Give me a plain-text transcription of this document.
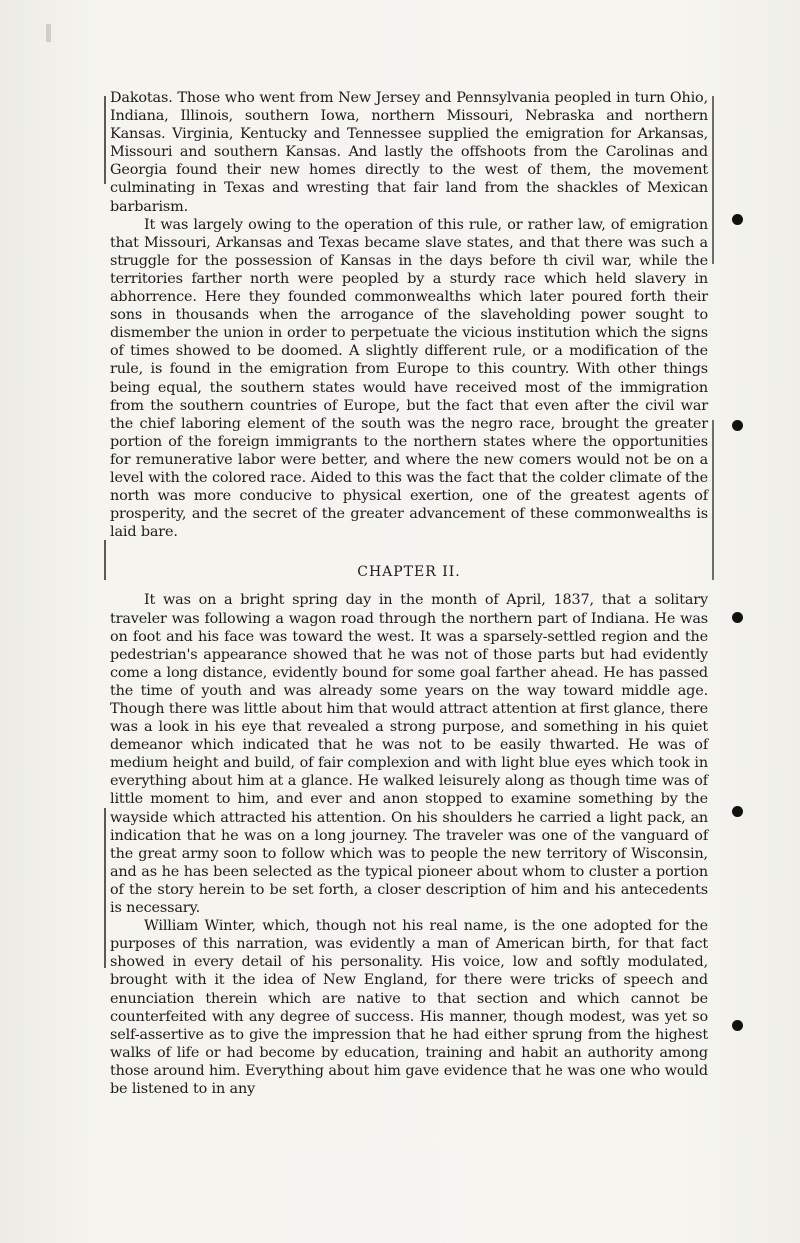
Dakotas. Those who went from New Jersey and Pennsylvania peopled in turn Ohio, Indiana, Illinois, southern Iowa, northern Missouri, Nebraska and northern Kansas. Virginia, Kentucky and Tennessee supplied the emigration for Arkansas, Missouri and southern Kansas. And lastly the offshoots from the Carolinas and Georgia found their new homes directly to the west of them, the movement culminating in Texas and wresting that fair land from the shackles of Mexican barbarism.

It was largely owing to the operation of this rule, or rather law, of emigration that Missouri, Arkansas and Texas became slave states, and that there was such a struggle for the possession of Kansas in the days before th civil war, while the territories farther north were peopled by a sturdy race which held slavery in abhorrence. Here they founded commonwealths which later poured forth their sons in thousands when the arrogance of the slaveholding power sought to dismember the union in order to perpetuate the vicious institution which the signs of times showed to be doomed. A slightly different rule, or a modification of the rule, is found in the emigration from Europe to this country. With other things being equal, the southern states would have received most of the immigration from the southern countries of Europe, but the fact that even after the civil war the chief laboring element of the south was the negro race, brought the greater portion of the foreign immigrants to the northern states where the opportunities for remunerative labor were better, and where the new comers would not be on a level with the colored race. Aided to this was the fact that the colder climate of the north was more conducive to physical exertion, one of the greatest agents of prosperity, and the secret of the greater advancement of these commonwealths is laid bare.

CHAPTER II.

It was on a bright spring day in the month of April, 1837, that a solitary traveler was following a wagon road through the northern part of Indiana. He was on foot and his face was toward the west. It was a sparsely-settled region and the pedestrian's appearance showed that he was not of those parts but had evidently come a long distance, evidently bound for some goal farther ahead. He has passed the time of youth and was already some years on the way toward middle age. Though there was little about him that would attract attention at first glance, there was a look in his eye that revealed a strong purpose, and something in his quiet demeanor which indicated that he was not to be easily thwarted. He was of medium height and build, of fair complexion and with light blue eyes which took in everything about him at a glance. He walked leisurely along as though time was of little moment to him, and ever and anon stopped to examine something by the wayside which attracted his attention. On his shoulders he carried a light pack, an indication that he was on a long journey. The traveler was one of the vanguard of the great army soon to follow which was to people the new territory of Wisconsin, and as he has been selected as the typical pioneer about whom to cluster a portion of the story herein to be set forth, a closer description of him and his antecedents is necessary.

William Winter, which, though not his real name, is the one adopted for the purposes of this narration, was evidently a man of American birth, for that fact showed in every detail of his personality. His voice, low and softly modulated, brought with it the idea of New England, for there were tricks of speech and enunciation therein which are native to that section and which cannot be counterfeited with any degree of success. His manner, though modest, was yet so self-assertive as to give the impression that he had either sprung from the highest walks of life or had become by education, training and habit an authority among those around him. Everything about him gave evidence that he was one who would be listened to in any
